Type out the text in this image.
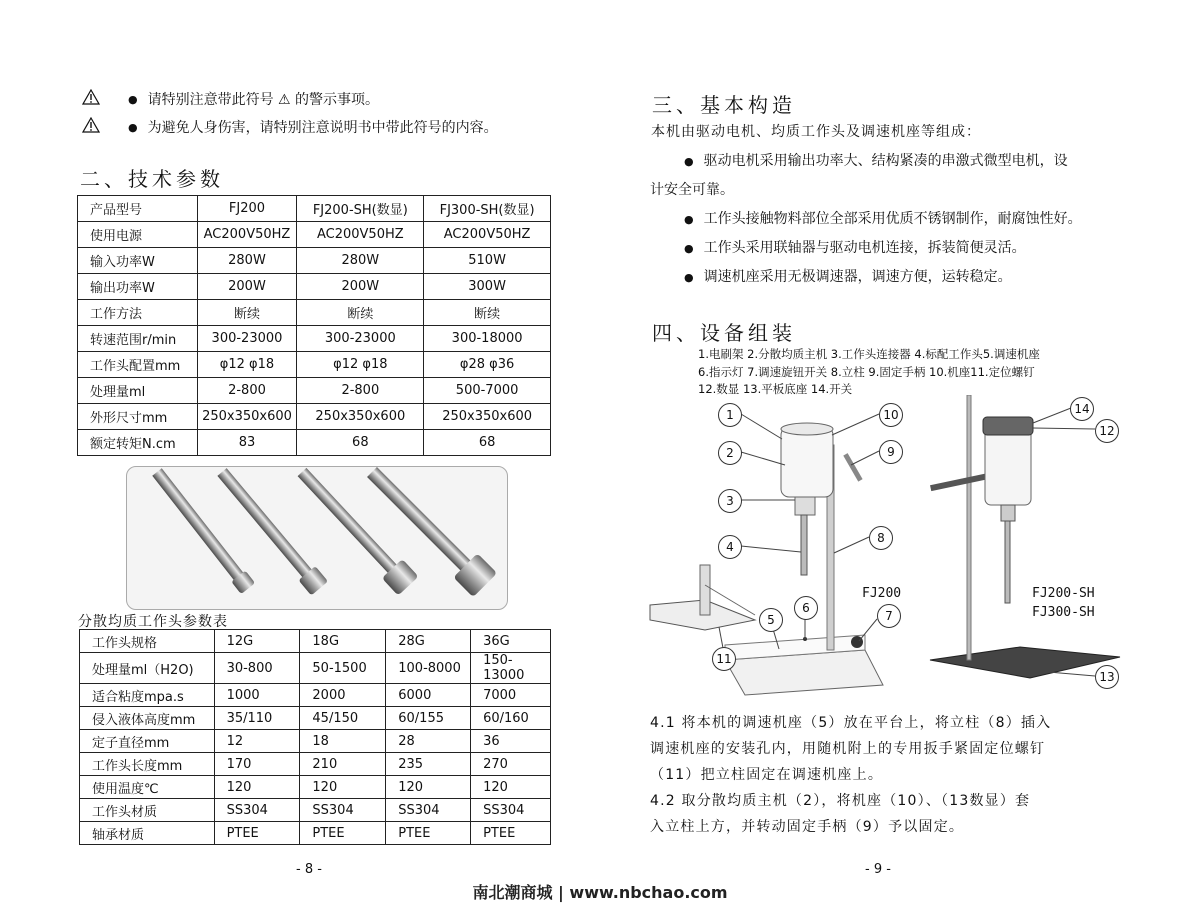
● 请特别注意带此符号 ⚠ 的警示事项。
● 为避免人身伤害，请特别注意说明书中带此符号的内容。
二、技术参数
产品型号	FJ200	FJ200-SH(数显)	FJ300-SH(数显)
使用电源	AC200V50HZ	AC200V50HZ	AC200V50HZ
输入功率W	280W	280W	510W
输出功率W	200W	200W	300W
工作方法	断续	断续	断续
转速范围r/min	300-23000	300-23000	300-18000
工作头配置mm	φ12 φ18	φ12 φ18	φ28 φ36
处理量ml	2-800	2-800	500-7000
外形尺寸mm	250x350x600	250x350x600	250x350x600
额定转矩N.cm	83	68	68
分散均质工作头参数表
工作头规格	12G	18G	28G	36G
处理量ml（H2O)	30-800	50-1500	100-8000	150-13000
适合粘度mpa.s	1000	2000	6000	7000
侵入液体高度mm	35/110	45/150	60/155	60/160
定子直径mm	12	18	28	36
工作头长度mm	170	210	235	270
使用温度℃	120	120	120	120
工作头材质	SS304	SS304	SS304	SS304
轴承材质	PTEE	PTEE	PTEE	PTEE
- 8 -
三、基本构造
本机由驱动电机、均质工作头及调速机座等组成：
● 驱动电机采用输出功率大、结构紧凑的串激式微型电机，设
计安全可靠。
● 工作头接触物料部位全部采用优质不锈钢制作，耐腐蚀性好。
● 工作头采用联轴器与驱动电机连接，拆装简便灵活。
● 调速机座采用无极调速器，调速方便，运转稳定。
四、设备组装
1.电刷架 2.分散均质主机 3.工作头连接器 4.标配工作头5.调速机座
6.指示灯 7.调速旋钮开关 8.立柱 9.固定手柄 10.机座11.定位螺钉
12.数显 13.平板底座 14.开关
1
2
3
4
5
6
7
8
9
10
11
12
14
13
FJ200	FJ200-SH
FJ300-SH
4.1 将本机的调速机座（5）放在平台上，将立柱（8）插入
调速机座的安装孔内，用随机附上的专用扳手紧固定位螺钉
（11）把立柱固定在调速机座上。
4.2 取分散均质主机（2），将机座（10）、（13数显）套
入立柱上方，并转动固定手柄（9）予以固定。
- 9 -
南北潮商城 | www.nbchao.com
